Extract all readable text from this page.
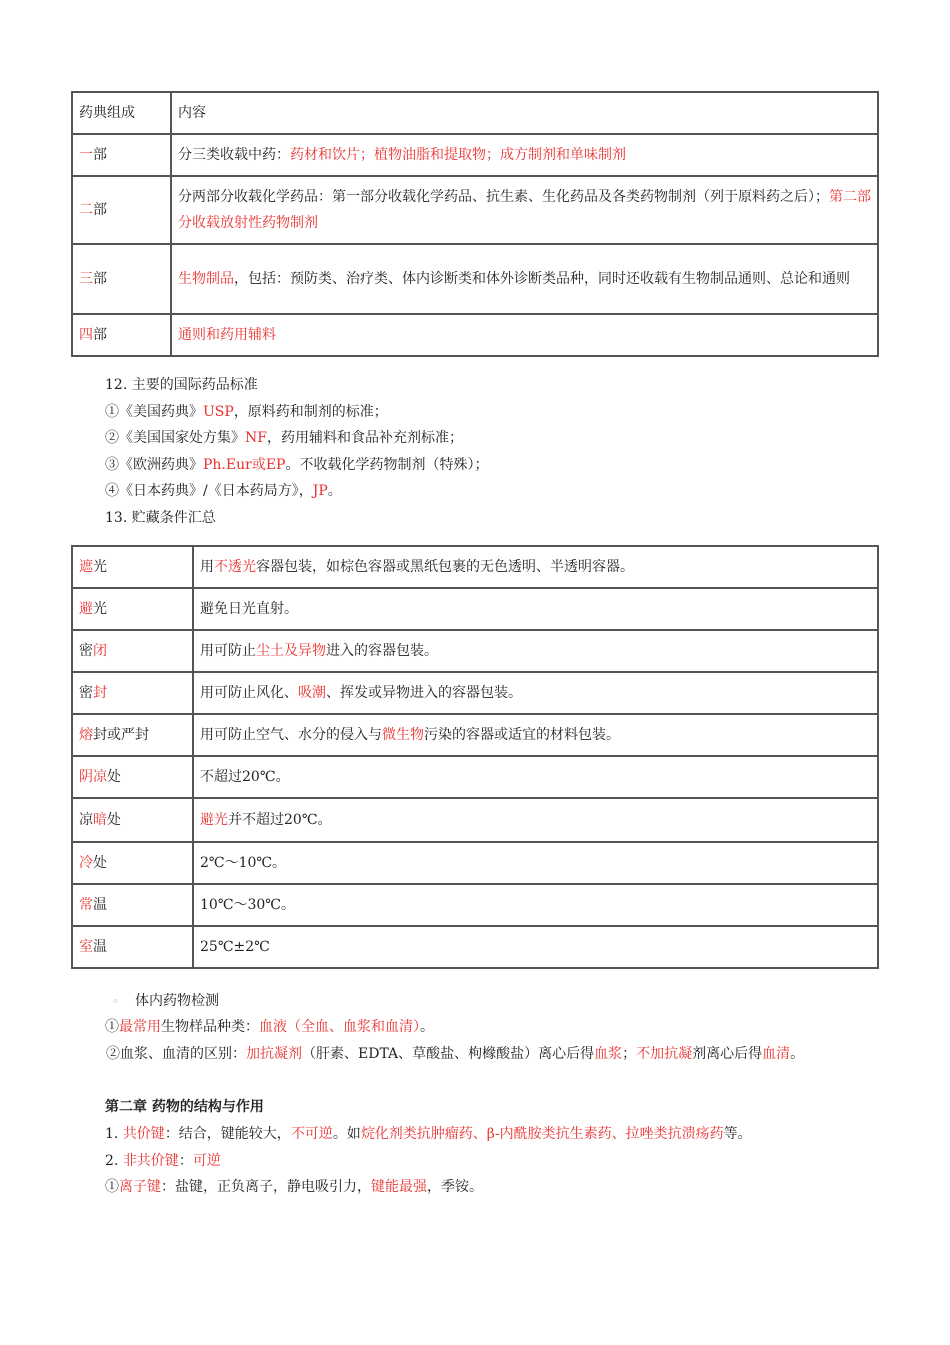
药典组成	内容
一部	分三类收载中药：药材和饮片；植物油脂和提取物；成方制剂和单味制剂
二部	分两部分收载化学药品：第一部分收载化学药品、抗生素、生化药品及各类药物制剂（列于原料药之后）；第二部分收载放射性药物制剂
三部	生物制品，包括：预防类、治疗类、体内诊断类和体外诊断类品种，同时还收载有生物制品通则、总论和通则
四部	通则和药用辅料
12. 主要的国际药品标准
①《美国药典》USP，原料药和制剂的标准；
②《美国国家处方集》NF，药用辅料和食品补充剂标准；
③《欧洲药典》Ph.Eur或EP。不收载化学药物制剂（特殊）；
④《日本药典》/《日本药局方》，JP。
13. 贮藏条件汇总
遮光	用不透光容器包装，如棕色容器或黑纸包裹的无色透明、半透明容器。
避光	避免日光直射。
密闭	用可防止尘土及异物进入的容器包装。
密封	用可防止风化、吸潮、挥发或异物进入的容器包装。
熔封或严封	用可防止空气、水分的侵入与微生物污染的容器或适宜的材料包装。
阴凉处	不超过20℃。
凉暗处	避光并不超过20℃。
冷处	2℃～10℃。
常温	10℃～30℃。
室温	25℃±2℃
◦ 体内药物检测
①最常用生物样品种类：血液（全血、血浆和血清）。
②血浆、血清的区别：加抗凝剂（肝素、EDTA、草酸盐、枸橼酸盐）离心后得血浆；不加抗凝剂离心后得血清。
第二章 药物的结构与作用
1. 共价键：结合，键能较大，不可逆。如烷化剂类抗肿瘤药、β-内酰胺类抗生素药、拉唑类抗溃疡药等。
2. 非共价键：可逆
①离子键：盐键，正负离子，静电吸引力，键能最强，季铵。
